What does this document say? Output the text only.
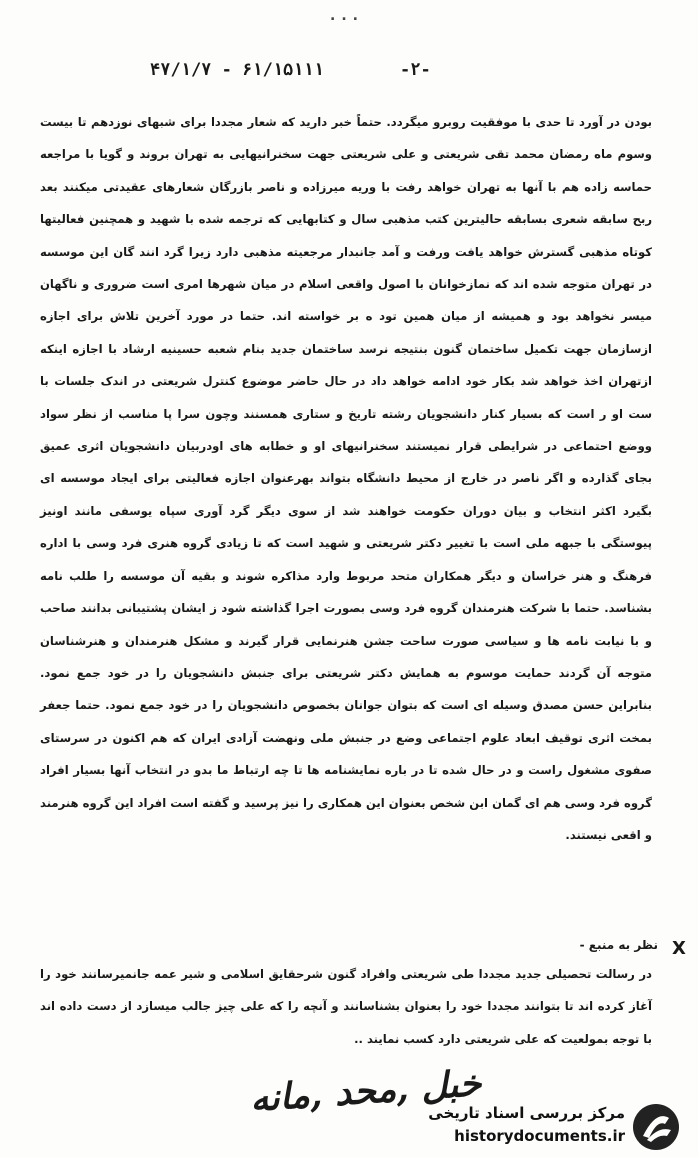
...
۴۷/۱/۷ - ۶۱/۱۵۱۱۱	-۲-

بودن در آورد تا حدی با موفقیت روبرو میگردد. حتماً خبر دارید که شعار مجددا برای شبهای نوزدهم تا بیست وسوم ماه رمضان محمد تقی شریعتی و علی شریعتی جهت سخنرانیهایی به تهران بروند و گویا با مراجعه حماسه زاده هم با آنها به تهران خواهد رفت با وریه میرزاده و ناصر بازرگان شعارهای عقیدتی میکنند بعد ربح سابقه شعری بسابقه حالیترین کتب مذهبی سال و کتابهایی که ترجمه شده با شهید و همچنین فعالیتها کوتاه مذهبی گسترش خواهد یافت ورفت و آمد جانبدار مرجعیته مذهبی دارد زیرا گرد انند گان این موسسه در تهران متوجه شده اند که نمازخوانان با اصول واقعی اسلام در میان شهرها امری است ضروری و ناگهان میسر نخواهد بود و همیشه از میان همین تود ه بر خواسته اند. حتما در مورد آخرین تلاش برای اجازه ازسازمان جهت تکمیل ساختمان گنون بنتیجه نرسد ساختمان جدید بنام شعبه حسینیه ارشاد با اجازه اینکه ازتهران اخذ خواهد شد بکار خود ادامه خواهد داد در حال حاضر موضوع کنترل شریعتی در اندک جلسات با ست او ر است که بسیار کنار دانشجویان رشته تاریخ و ستاری همسنند وچون سرا پا مناسب از نظر سواد ووضع احتماعی در شرایطی قرار نمیستند سخنرانیهای او و خطابه های اودربیان دانشجویان اثری عمیق بجای گذارده و اگر ناصر در خارج از محیط دانشگاه بتواند بهرعنوان اجازه فعالیتی برای ایجاد موسسه ای بگیرد اکثر انتخاب و بیان دوران حکومت خواهند شد از سوی دیگر گرد آوری سپاه یوسفی مانند اونیز پیوستگی با جبهه ملی است با تغییر دکتر شریعتی و شهید است که تا زیادی گروه هنری فرد وسی با اداره فرهنگ و هنر خراسان و دیگر همکاران متحد مربوط وارد مذاکره شوند و بقیه آن موسسه را طلب نامه بشناسد. حتما با شرکت هنرمندان گروه فرد وسی بصورت اجرا گذاشته شود ز ایشان پشتیبانی بدانند صاحب و با نیابت نامه ها و سیاسی صورت ساحت جشن هنرنمایی قرار گیرند و مشکل هنرمندان و هنرشناسان متوجه آن گردند حمایت موسوم به همایش دکتر شریعتی برای جنبش دانشجویان را در خود جمع نمود. بنابراین حسن مصدق وسیله ای است که بتوان جوانان بخصوص دانشجویان را در خود جمع نمود. حتما جعفر بمخت اثری توقیف ابعاد علوم اجتماعی وضع در جنبش ملی ونهضت آزادی ایران که هم اکنون در سرستای صفوی مشغول راست و در حال شده تا در باره نمایشنامه ها تا چه ارتباط ما بدو در انتخاب آنها بسیار افراد گروه فرد وسی هم ای گمان ابن شخص بعنوان این همکاری را نیز پرسید و گفته است افراد این گروه هنرمند و اقعی نیستند.

X
نظر به منبع -

در رسالت تحصیلی جدید مجددا طی شریعتی وافراد گنون شرحقایق اسلامی و شیر عمه جانمیرسانند خود را آغاز کرده اند تا بتوانند مجددا خود را بعنوان بشناسانند و آنچه را که علی چیز جالب میسازد از دست داده اند با توجه بمولعیت که علی شریعتی دارد کسب نمایند ..

خبل ,محد ,مانه
مرکز بررسی اسناد تاریخی
historydocuments.ir
